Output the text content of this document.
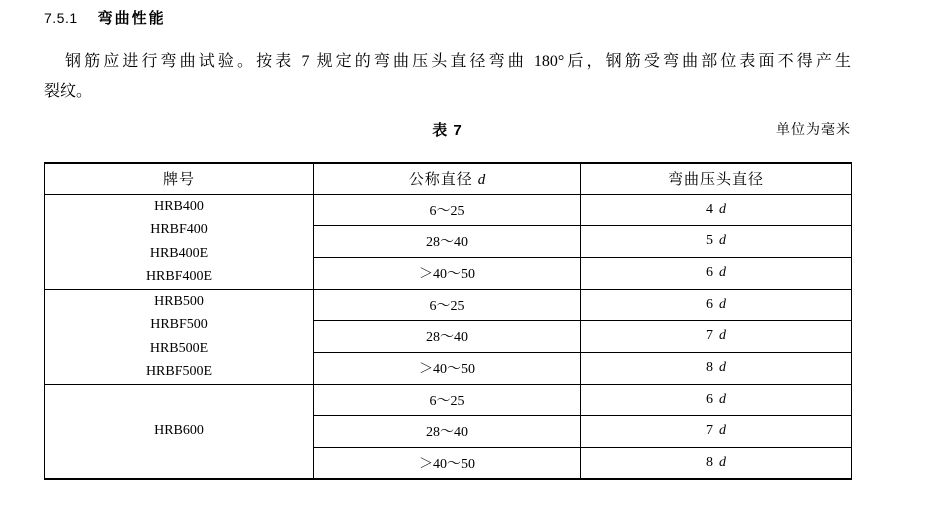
7.5.1 弯曲性能
钢筋应进行弯曲试验。按表 7 规定的弯曲压头直径弯曲 180°后，钢筋受弯曲部位表面不得产生
裂纹。
表 7	单位为毫米
牌号	公称直径 d	弯曲压头直径

HRB400
HRBF400
HRB400E
HRBF400E	6～25	4 d
	28～40	5 d
	＞40～50	6 d

HRB500
HRBF500
HRB500E
HRBF500E	6～25	6 d
	28～40	7 d
	＞40～50	8 d

HRB600	6～25	6 d
	28～40	7 d
	＞40～50	8 d
